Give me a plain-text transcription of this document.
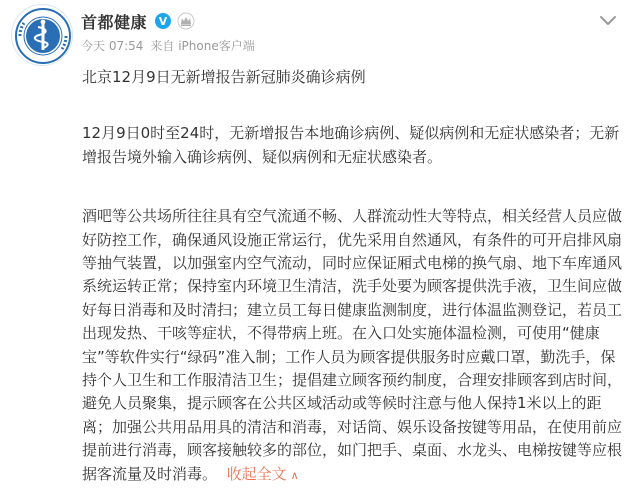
首都健康	V
今天 07:54 来自 iPhone客户端
北京12月9日无新增报告新冠肺炎确诊病例
12月9日0时至24时，无新增报告本地确诊病例、疑似病例和无症状感染者；无新增报告境外输入确诊病例、疑似病例和无症状感染者。
酒吧等公共场所往往具有空气流通不畅、人群流动性大等特点，相关经营人员应做好防控工作，确保通风设施正常运行，优先采用自然通风，有条件的可开启排风扇等抽气装置，以加强室内空气流动，同时应保证厢式电梯的换气扇、地下车库通风系统运转正常；保持室内环境卫生清洁，洗手处要为顾客提供洗手液，卫生间应做好每日消毒和及时清扫；建立员工每日健康监测制度，进行体温监测登记，若员工出现发热、干咳等症状，不得带病上班。在入口处实施体温检测，可使用“健康宝”等软件实行“绿码”准入制；工作人员为顾客提供服务时应戴口罩，勤洗手，保持个人卫生和工作服清洁卫生；提倡建立顾客预约制度，合理安排顾客到店时间，避免人员聚集，提示顾客在公共区域活动或等候时注意与他人保持1米以上的距离；加强公共用品用具的清洁和消毒，对话筒、娱乐设备按键等用品，在使用前应提前进行消毒，顾客接触较多的部位，如门把手、桌面、水龙头、电梯按键等应根据客流量及时消毒。 收起全文 ∧
